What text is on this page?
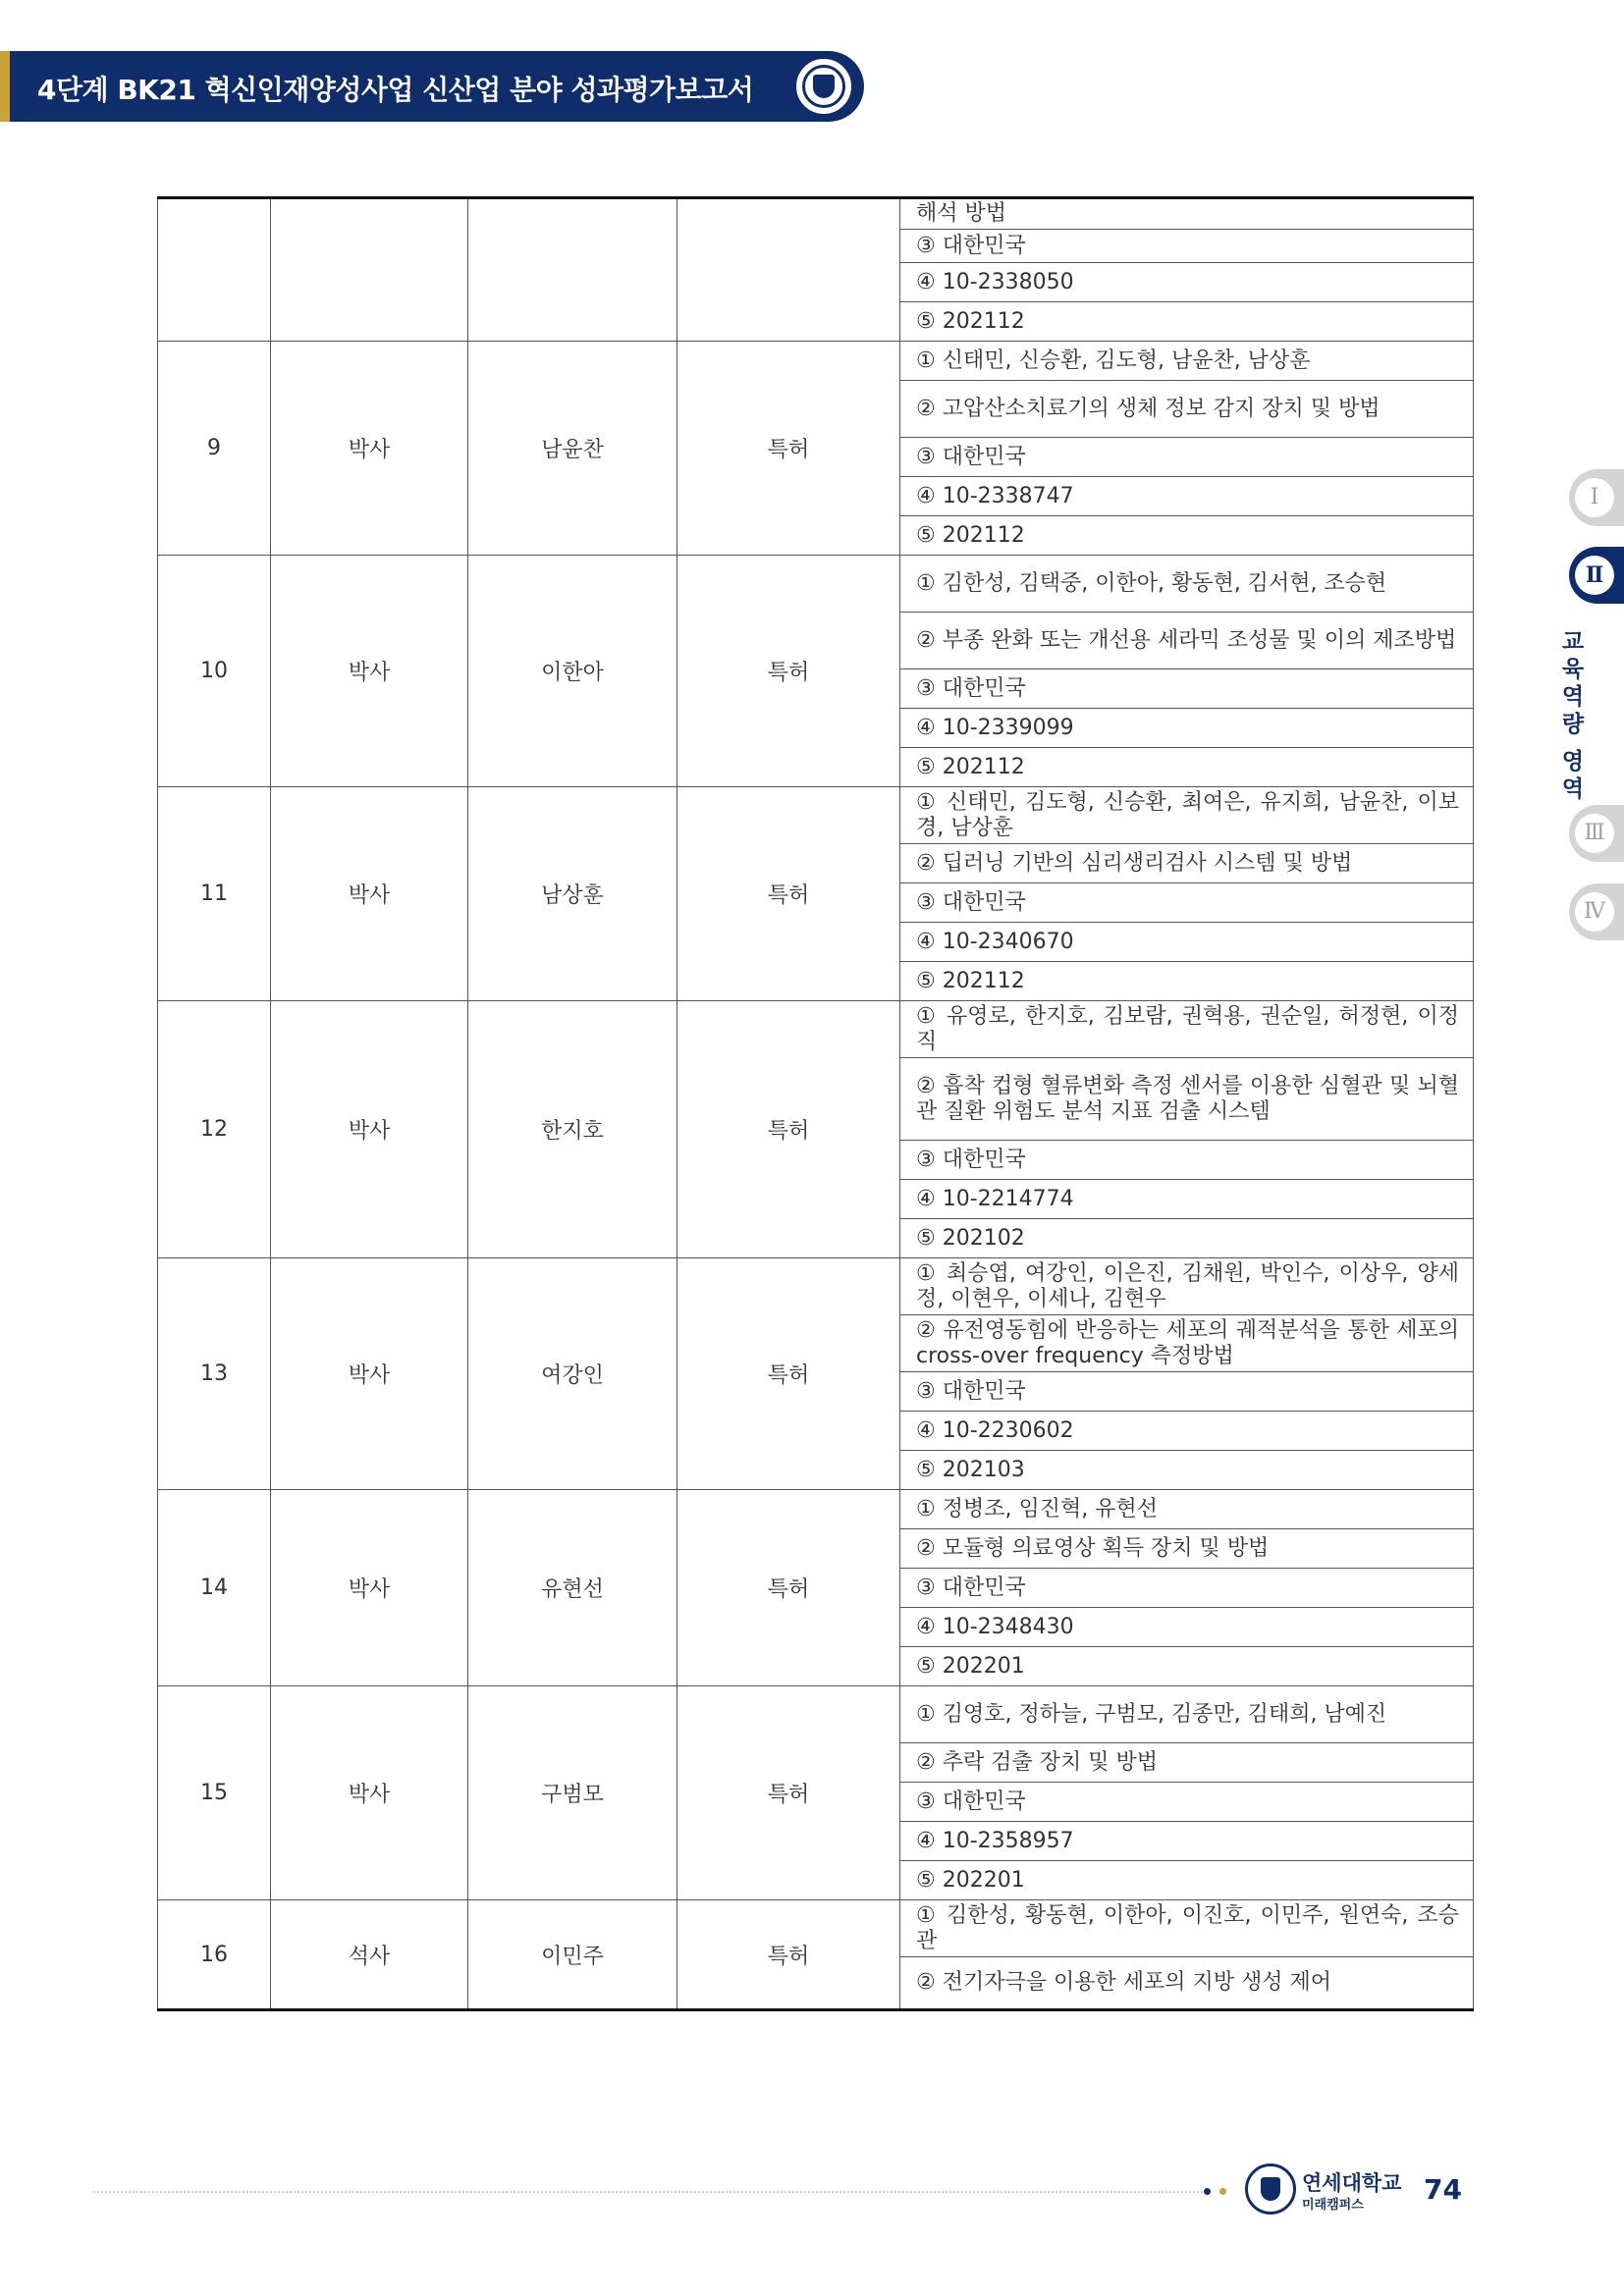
4단계 BK21 혁신인재양성사업 신산업 분야 성과평가보고서
				해석 방법
				③ 대한민국
				④ 10-2338050
				⑤ 202112
9	박사	남윤찬	특허	① 신태민, 신승환, 김도형, 남윤찬, 남상훈
				② 고압산소치료기의 생체 정보 감지 장치 및 방법
				③ 대한민국
				④ 10-2338747
				⑤ 202112
10	박사	이한아	특허	① 김한성, 김택중, 이한아, 황동현, 김서현, 조승현
				② 부종 완화 또는 개선용 세라믹 조성물 및 이의 제조방법
				③ 대한민국
				④ 10-2339099
				⑤ 202112
11	박사	남상훈	특허	① 신태민, 김도형, 신승환, 최여은, 유지희, 남윤찬, 이보경, 남상훈
				② 딥러닝 기반의 심리생리검사 시스템 및 방법
				③ 대한민국
				④ 10-2340670
				⑤ 202112
12	박사	한지호	특허	① 유영로, 한지호, 김보람, 권혁용, 권순일, 허정현, 이정직
				② 흡착 컵형 혈류변화 측정 센서를 이용한 심혈관 및 뇌혈관 질환 위험도 분석 지표 검출 시스템
				③ 대한민국
				④ 10-2214774
				⑤ 202102
13	박사	여강인	특허	① 최승엽, 여강인, 이은진, 김채원, 박인수, 이상우, 양세정, 이현우, 이세나, 김현우
				② 유전영동힘에 반응하는 세포의 궤적분석을 통한 세포의 cross-over frequency 측정방법
				③ 대한민국
				④ 10-2230602
				⑤ 202103
14	박사	유현선	특허	① 정병조, 임진혁, 유현선
				② 모듈형 의료영상 획득 장치 및 방법
				③ 대한민국
				④ 10-2348430
				⑤ 202201
15	박사	구범모	특허	① 김영호, 정하늘, 구범모, 김종만, 김태희, 남예진
				② 추락 검출 장치 및 방법
				③ 대한민국
				④ 10-2358957
				⑤ 202201
16	석사	이민주	특허	① 김한성, 황동현, 이한아, 이진호, 이민주, 원연숙, 조승관
				② 전기자극을 이용한 세포의 지방 생성 제어
Ⅰ
Ⅱ
Ⅲ
Ⅳ
교
육
역
량
영
역
연세대학교
미래캠퍼스 74
